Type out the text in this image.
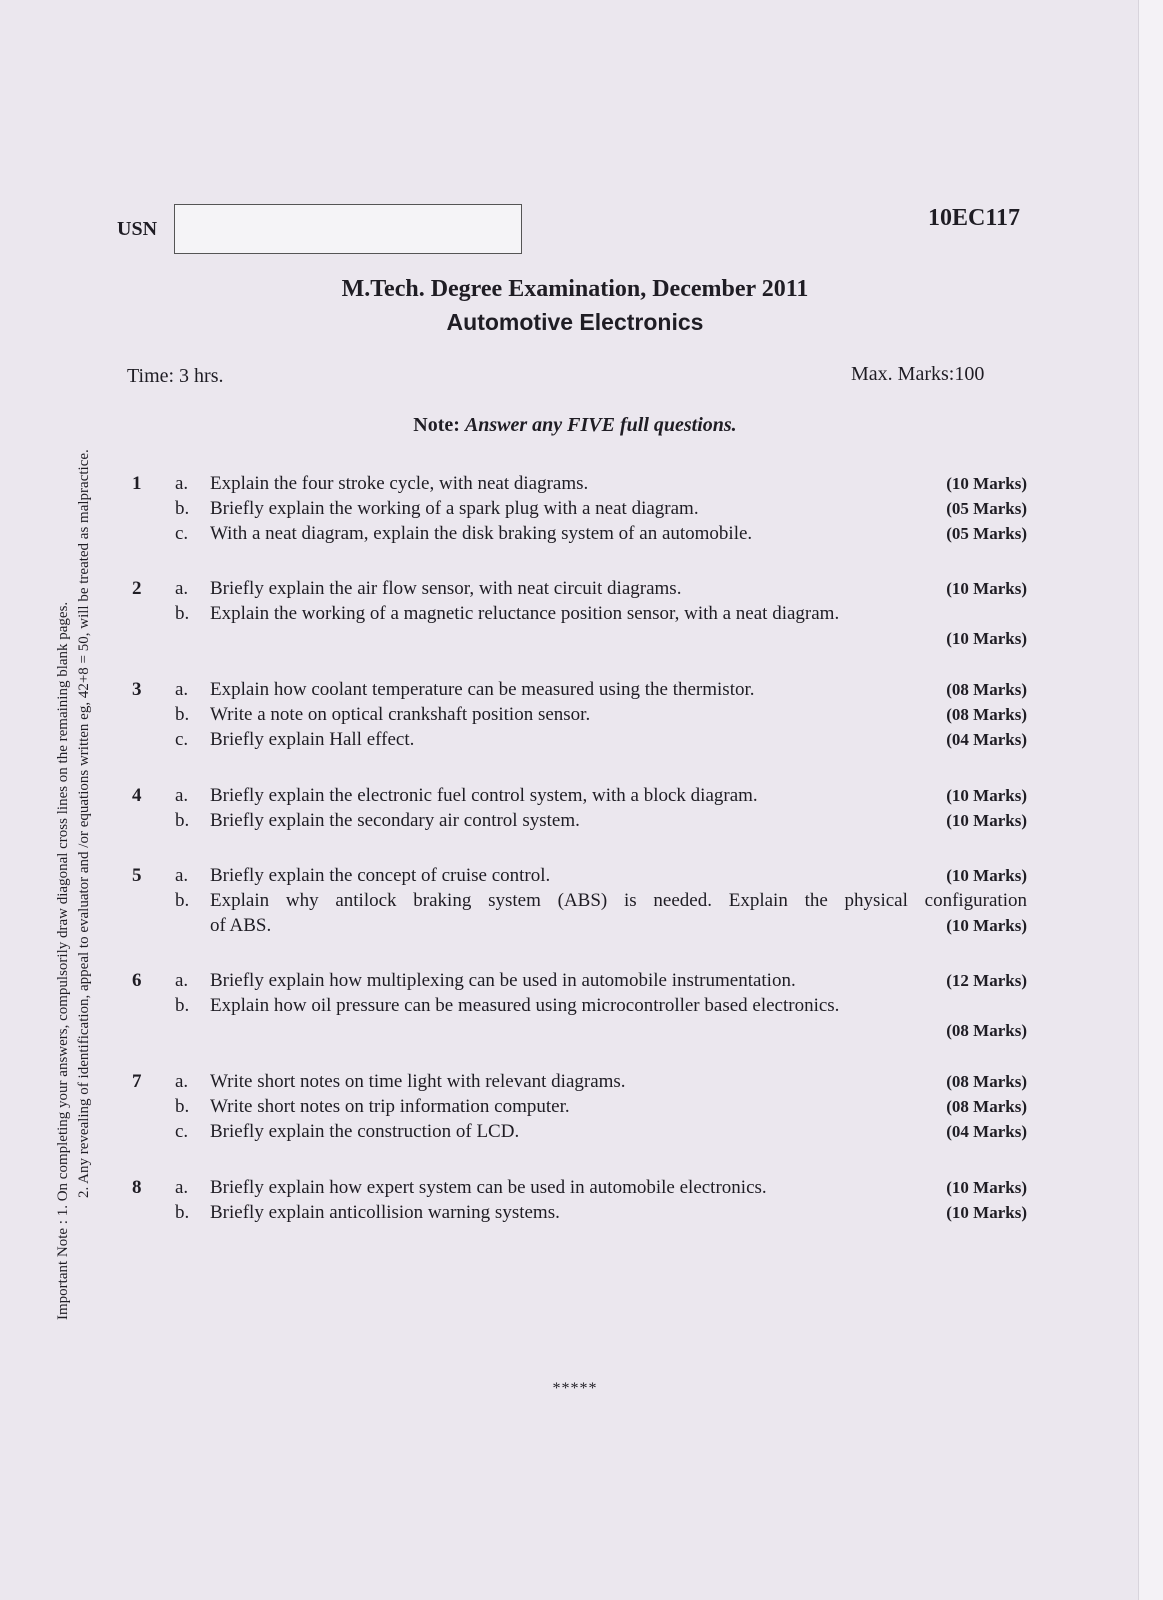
USN	10EC117
M.Tech. Degree Examination, December 2011
Automotive Electronics
Time: 3 hrs.	Max. Marks:100
Note: Answer any FIVE full questions.
Important Note : 1. On completing your answers, compulsorily draw diagonal cross lines on the remaining blank pages. 2. Any revealing of identification, appeal to evaluator and /or equations written eg, 42+8 = 50, will be treated as malpractice. 1 a. Explain the four stroke cycle, with neat diagrams.	(10 Marks)
b. Briefly explain the working of a spark plug with a neat diagram.	(05 Marks)
c. With a neat diagram, explain the disk braking system of an automobile.	(05 Marks)
2 a. Briefly explain the air flow sensor, with neat circuit diagrams.	(10 Marks)
b. Explain the working of a magnetic reluctance position sensor, with a neat diagram.
(10 Marks)
3 a. Explain how coolant temperature can be measured using the thermistor.	(08 Marks)
b. Write a note on optical crankshaft position sensor.	(08 Marks)
c. Briefly explain Hall effect.	(04 Marks)
4 a. Briefly explain the electronic fuel control system, with a block diagram.	(10 Marks)
b. Briefly explain the secondary air control system.	(10 Marks)
5 a. Briefly explain the concept of cruise control.	(10 Marks)
b. Explain why antilock braking system (ABS) is needed. Explain the physical configuration
of ABS.	(10 Marks)
6 a. Briefly explain how multiplexing can be used in automobile instrumentation.	(12 Marks)
b. Explain how oil pressure can be measured using microcontroller based electronics.
(08 Marks)
7 a. Write short notes on time light with relevant diagrams.	(08 Marks)
b. Write short notes on trip information computer.	(08 Marks)
c. Briefly explain the construction of LCD.	(04 Marks)
8 a. Briefly explain how expert system can be used in automobile electronics.	(10 Marks)
b. Briefly explain anticollision warning systems.	(10 Marks)
*****
